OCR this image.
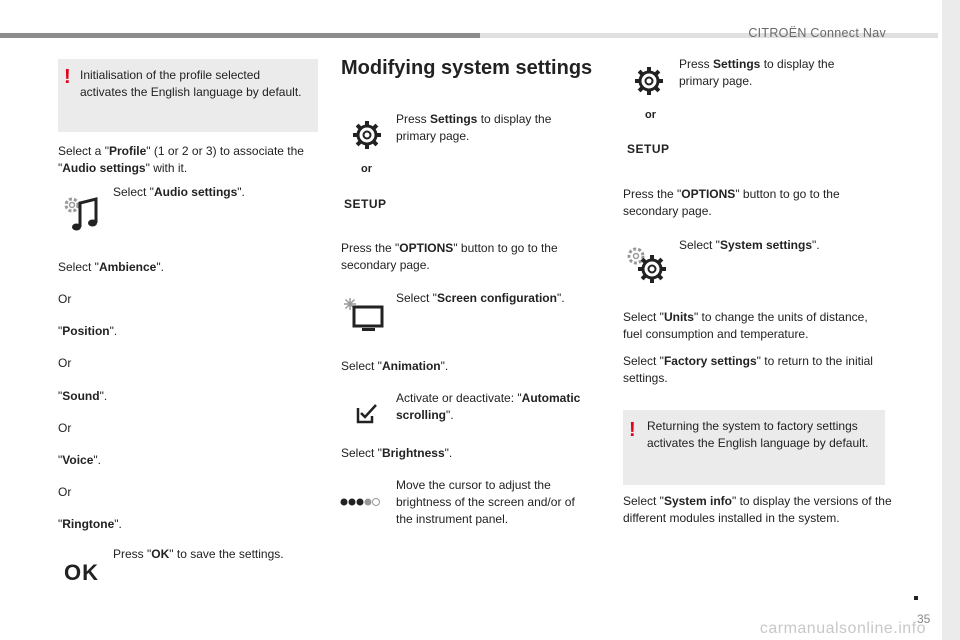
CITROËN Connect Nav
! Initialisation of the profile selected activates the English language by default.
Select a "Profile" (1 or 2 or 3) to associate the "Audio settings" with it.
Select "Audio settings".
Select "Ambience".
Or
"Position".
Or
"Sound".
Or
"Voice".
Or
"Ringtone".
OK
Press "OK" to save the settings.
Modifying system settings
or
SETUP
Press Settings to display the primary page.
Press the "OPTIONS" button to go to the secondary page.
Select "Screen configuration".
Select "Animation".
Activate or deactivate: "Automatic scrolling".
Select "Brightness".
Move the cursor to adjust the brightness of the screen and/or of the instrument panel.
or
SETUP
Press Settings to display the primary page.
Press the "OPTIONS" button to go to the secondary page.
Select "System settings".
Select "Units" to change the units of distance, fuel consumption and temperature.
Select "Factory settings" to return to the initial settings.
! Returning the system to factory settings activates the English language by default.
Select "System info" to display the versions of the different modules installed in the system.
35
carmanualsonline.info
